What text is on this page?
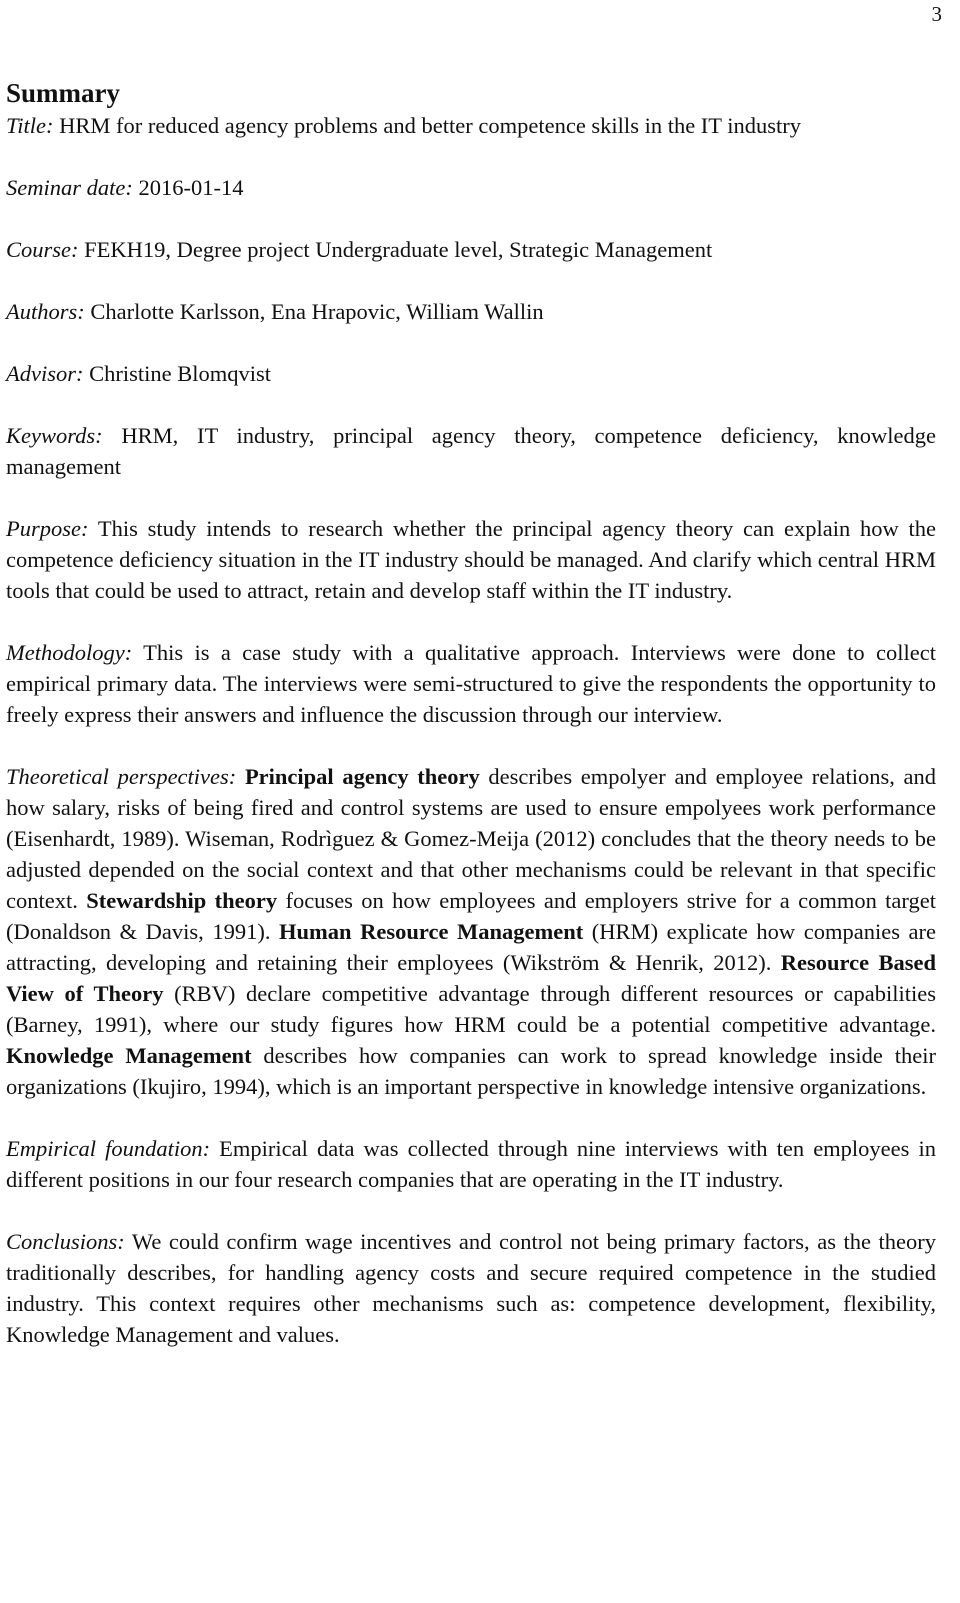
3
Summary

Title: HRM for reduced agency problems and better competence skills in the IT industry

Seminar date: 2016-01-14

Course: FEKH19, Degree project Undergraduate level, Strategic Management

Authors: Charlotte Karlsson, Ena Hrapovic, William Wallin

Advisor: Christine Blomqvist

Keywords: HRM, IT industry, principal agency theory, competence deficiency, knowledge management

Purpose: This study intends to research whether the principal agency theory can explain how the competence deficiency situation in the IT industry should be managed. And clarify which central HRM tools that could be used to attract, retain and develop staff within the IT industry.

Methodology: This is a case study with a qualitative approach. Interviews were done to collect empirical primary data. The interviews were semi-structured to give the respondents the opportunity to freely express their answers and influence the discussion through our interview.

Theoretical perspectives: Principal agency theory describes empolyer and employee relations, and how salary, risks of being fired and control systems are used to ensure empolyees work performance (Eisenhardt, 1989). Wiseman, Rodrìguez & Gomez-Meija (2012) concludes that the theory needs to be adjusted depended on the social context and that other mechanisms could be relevant in that specific context. Stewardship theory focuses on how employees and employers strive for a common target (Donaldson & Davis, 1991). Human Resource Management (HRM) explicate how companies are attracting, developing and retaining their employees (Wikström & Henrik, 2012). Resource Based View of Theory (RBV) declare competitive advantage through different resources or capabilities (Barney, 1991), where our study figures how HRM could be a potential competitive advantage. Knowledge Management describes how companies can work to spread knowledge inside their organizations (Ikujiro, 1994), which is an important perspective in knowledge intensive organizations.

Empirical foundation: Empirical data was collected through nine interviews with ten employees in different positions in our four research companies that are operating in the IT industry.

Conclusions: We could confirm wage incentives and control not being primary factors, as the theory traditionally describes, for handling agency costs and secure required competence in the studied industry. This context requires other mechanisms such as: competence development, flexibility, Knowledge Management and values.
